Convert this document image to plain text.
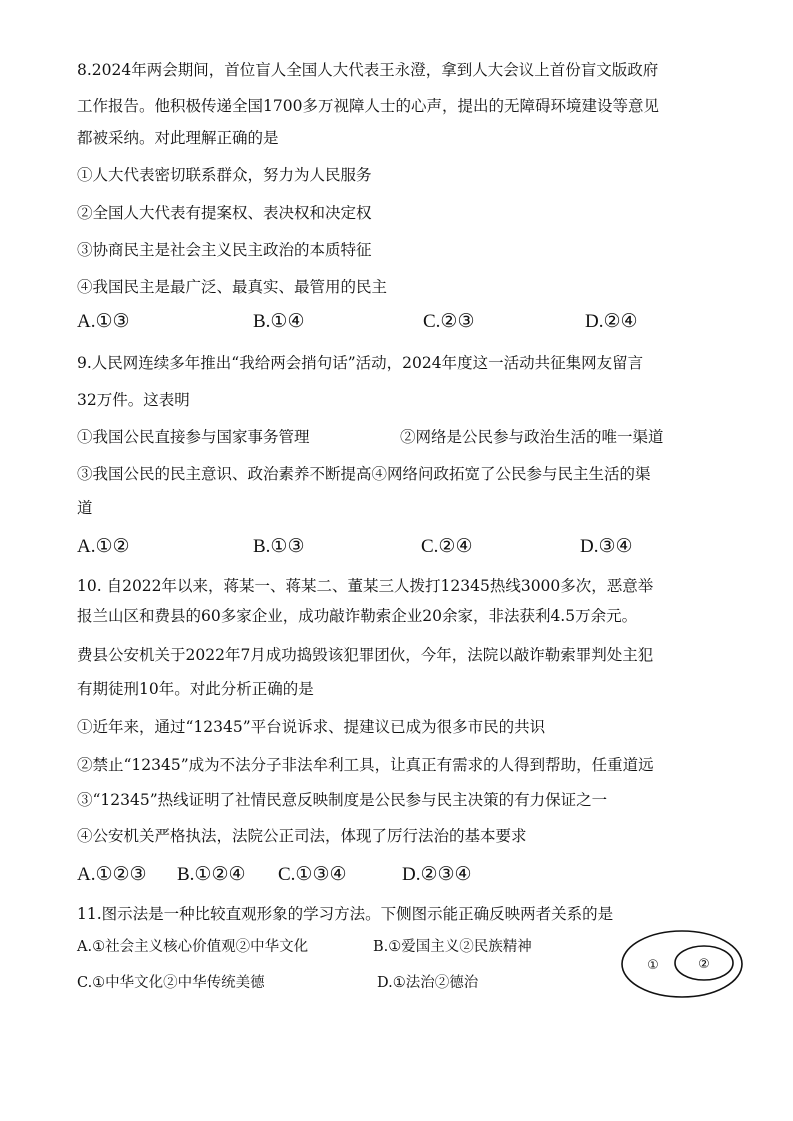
8.2024年两会期间，首位盲人全国人大代表王永澄，拿到人大会议上首份盲文版政府
工作报告。他积极传递全国1700多万视障人士的心声，提出的无障碍环境建设等意见
都被采纳。对此理解正确的是
①人大代表密切联系群众，努力为人民服务
②全国人大代表有提案权、表决权和决定权
③协商民主是社会主义民主政治的本质特征
④我国民主是最广泛、最真实、最管用的民主
A.①③	B.①④	C.②③	D.②④
9.人民网连续多年推出“我给两会捎句话”活动，2024年度这一活动共征集网友留言
32万件。这表明
①我国公民直接参与国家事务管理	②网络是公民参与政治生活的唯一渠道
③我国公民的民主意识、政治素养不断提高④网络问政拓宽了公民参与民主生活的渠
道
A.①②	B.①③	C.②④	D.③④
10. 自2022年以来，蒋某一、蒋某二、董某三人拨打12345热线3000多次，恶意举
报兰山区和费县的60多家企业，成功敲诈勒索企业20余家，非法获利4.5万余元。
费县公安机关于2022年7月成功捣毁该犯罪团伙，今年，法院以敲诈勒索罪判处主犯
有期徒刑10年。对此分析正确的是
①近年来，通过“12345”平台说诉求、提建议已成为很多市民的共识
②禁止“12345”成为不法分子非法牟利工具，让真正有需求的人得到帮助，任重道远
③“12345”热线证明了社情民意反映制度是公民参与民主决策的有力保证之一
④公安机关严格执法，法院公正司法，体现了厉行法治的基本要求
A.①②③ B.①②④ C.①③④	D.②③④
11.图示法是一种比较直观形象的学习方法。下侧图示能正确反映两者关系的是
A.①社会主义核心价值观②中华文化	B.①爱国主义②民族精神
C.①中华文化②中华传统美德	D.①法治②德治
①	②
